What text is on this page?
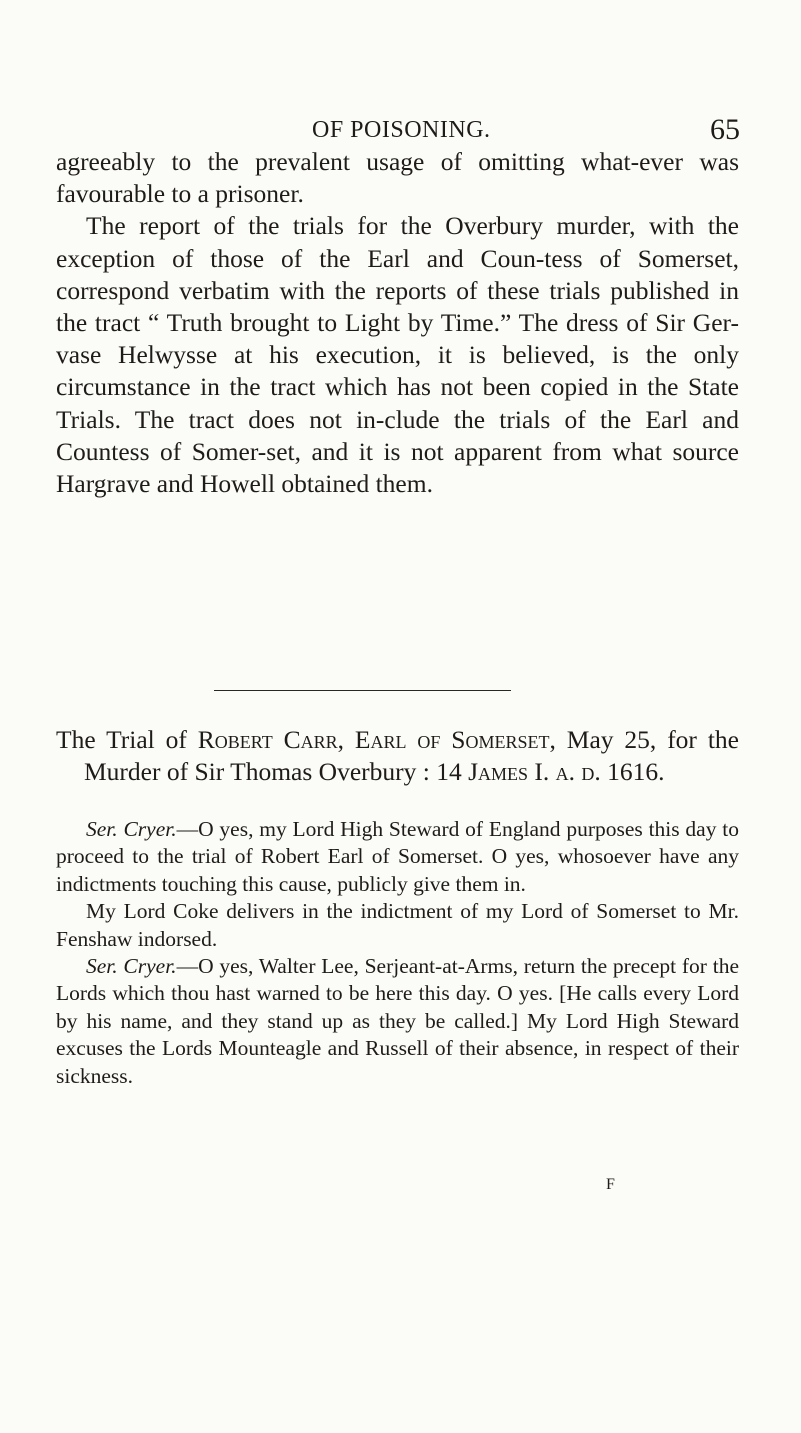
OF POISONING.	65

agreeably to the prevalent usage of omitting what-ever was favourable to a prisoner.

The report of the trials for the Overbury murder, with the exception of those of the Earl and Coun-tess of Somerset, correspond verbatim with the reports of these trials published in the tract “ Truth brought to Light by Time.” The dress of Sir Ger-vase Helwysse at his execution, it is believed, is the only circumstance in the tract which has not been copied in the State Trials. The tract does not in-clude the trials of the Earl and Countess of Somer-set, and it is not apparent from what source Hargrave and Howell obtained them.

The Trial of Robert Carr, Earl of Somerset, May 25, for the Murder of Sir Thomas Overbury : 14 James I. a. d. 1616.

Ser. Cryer.—O yes, my Lord High Steward of England purposes this day to proceed to the trial of Robert Earl of Somerset. O yes, whosoever have any indictments touching this cause, publicly give them in.

My Lord Coke delivers in the indictment of my Lord of Somerset to Mr. Fenshaw indorsed.

Ser. Cryer.—O yes, Walter Lee, Serjeant-at-Arms, return the precept for the Lords which thou hast warned to be here this day. O yes. [He calls every Lord by his name, and they stand up as they be called.] My Lord High Steward excuses the Lords Mounteagle and Russell of their absence, in respect of their sickness.

F
